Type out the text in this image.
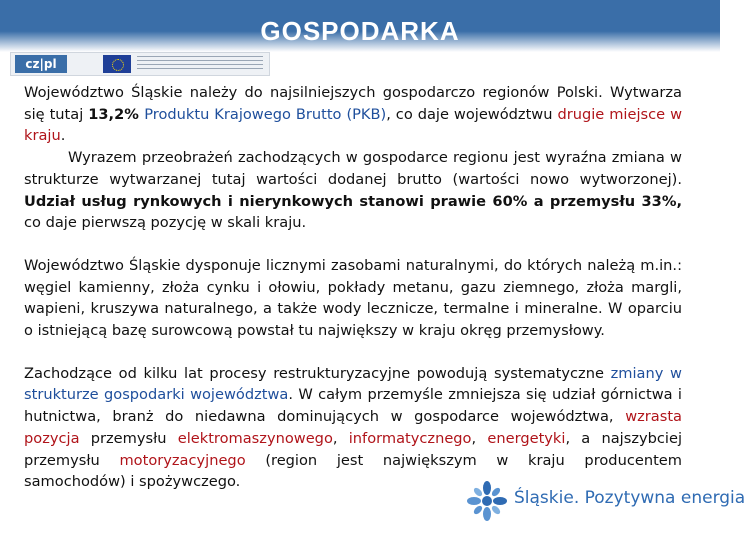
GOSPODARKA
cz|pl

Województwo Śląskie należy do najsilniejszych gospodarczo regionów Polski. Wytwarza się tutaj 13,2% Produktu Krajowego Brutto (PKB), co daje województwu drugie miejsce w kraju.

Wyrazem przeobrażeń zachodzących w gospodarce regionu jest wyraźna zmiana w strukturze wytwarzanej tutaj wartości dodanej brutto (wartości nowo wytworzonej). Udział usług rynkowych i nierynkowych stanowi prawie 60% a przemysłu 33%, co daje pierwszą pozycję w skali kraju.

Województwo Śląskie dysponuje licznymi zasobami naturalnymi, do których należą m.in.: węgiel kamienny, złoża cynku i ołowiu, pokłady metanu, gazu ziemnego, złoża margli, wapieni, kruszywa naturalnego, a także wody lecznicze, termalne i mineralne. W oparciu o istniejącą bazę surowcową powstał tu największy w kraju okręg przemysłowy.

Zachodzące od kilku lat procesy restrukturyzacyjne powodują systematyczne zmiany w strukturze gospodarki województwa. W całym przemyśle zmniejsza się udział górnictwa i hutnictwa, branż do niedawna dominujących w gospodarce województwa, wzrasta pozycja przemysłu elektromaszynowego, informatycznego, energetyki, a najszybciej przemysłu motoryzacyjnego (region jest największym w kraju producentem samochodów) i spożywczego.

Śląskie. Pozytywna energia
